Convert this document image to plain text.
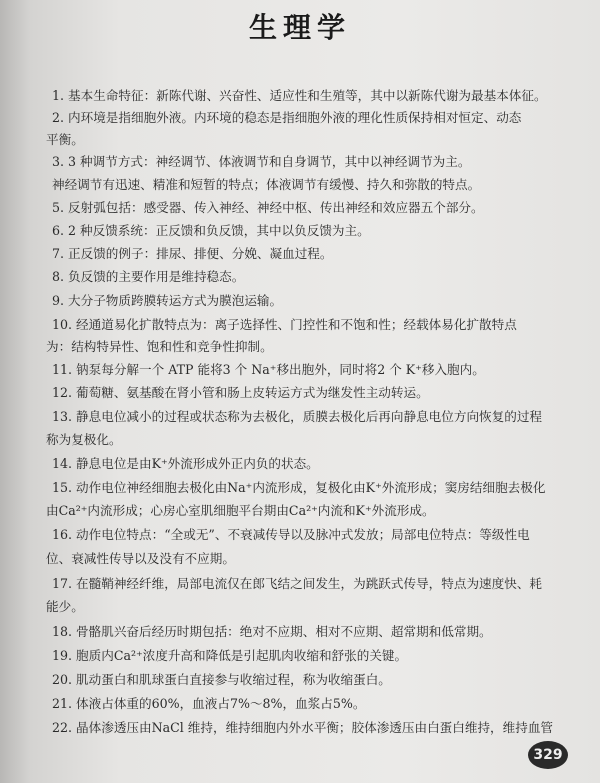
生理学
1. 基本生命特征：新陈代谢、兴奋性、适应性和生殖等，其中以新陈代谢为最基本体征。
2. 内环境是指细胞外液。内环境的稳态是指细胞外液的理化性质保持相对恒定、动态
平衡。
3. 3 种调节方式：神经调节、体液调节和自身调节，其中以神经调节为主。
神经调节有迅速、精准和短暂的特点；体液调节有缓慢、持久和弥散的特点。
5. 反射弧包括：感受器、传入神经、神经中枢、传出神经和效应器五个部分。
6. 2 种反馈系统：正反馈和负反馈，其中以负反馈为主。
7. 正反馈的例子：排尿、排便、分娩、凝血过程。
8. 负反馈的主要作用是维持稳态。
9. 大分子物质跨膜转运方式为膜泡运输。
10. 经通道易化扩散特点为：离子选择性、门控性和不饱和性；经载体易化扩散特点
为：结构特异性、饱和性和竞争性抑制。
11. 钠泵每分解一个 ATP 能将3 个 Na⁺移出胞外，同时将2 个 K⁺移入胞内。
12. 葡萄糖、氨基酸在肾小管和肠上皮转运方式为继发性主动转运。
13. 静息电位减小的过程或状态称为去极化，质膜去极化后再向静息电位方向恢复的过程
称为复极化。
14. 静息电位是由K⁺外流形成外正内负的状态。
15. 动作电位神经细胞去极化由Na⁺内流形成，复极化由K⁺外流形成；窦房结细胞去极化
由Ca²⁺内流形成；心房心室肌细胞平台期由Ca²⁺内流和K⁺外流形成。
16. 动作电位特点：“全或无”、不衰减传导以及脉冲式发放；局部电位特点：等级性电
位、衰减性传导以及没有不应期。
17. 在髓鞘神经纤维，局部电流仅在郎飞结之间发生，为跳跃式传导，特点为速度快、耗
能少。
18. 骨骼肌兴奋后经历时期包括：绝对不应期、相对不应期、超常期和低常期。
19. 胞质内Ca²⁺浓度升高和降低是引起肌肉收缩和舒张的关键。
20. 肌动蛋白和肌球蛋白直接参与收缩过程，称为收缩蛋白。
21. 体液占体重的60%，血液占7%～8%，血浆占5%。
22. 晶体渗透压由NaCl 维持，维持细胞内外水平衡；胶体渗透压由白蛋白维持，维持血管
329
